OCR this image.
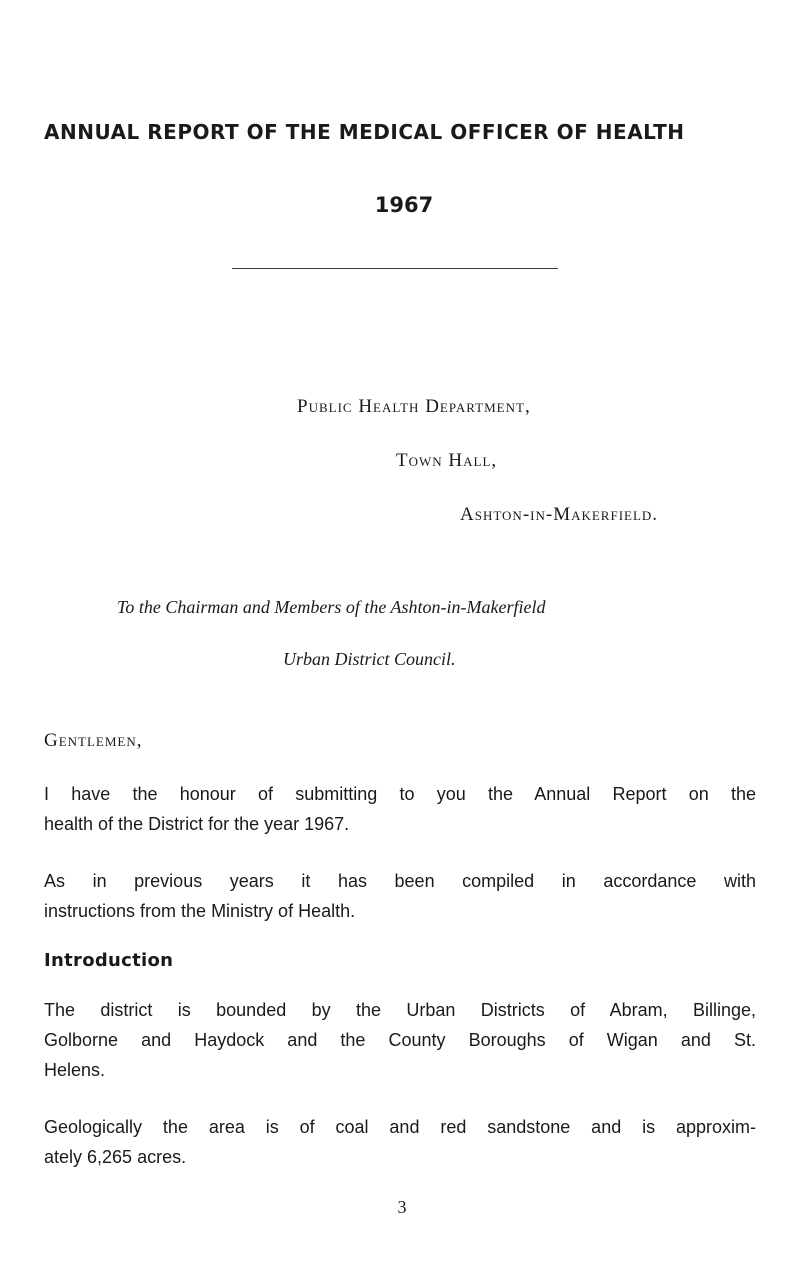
ANNUAL REPORT OF THE MEDICAL OFFICER OF HEALTH
1967
Public Health Department,
Town Hall,
Ashton-in-Makerfield.
To the Chairman and Members of the Ashton-in-Makerfield
Urban District Council.
Gentlemen,
I have the honour of submitting to you the Annual Report on the
health of the District for the year 1967.
As in previous years it has been compiled in accordance with
instructions from the Ministry of Health.
Introduction
The district is bounded by the Urban Districts of Abram, Billinge,
Golborne and Haydock and the County Boroughs of Wigan and St.
Helens.
Geologically the area is of coal and red sandstone and is approxim-
ately 6,265 acres.
3
